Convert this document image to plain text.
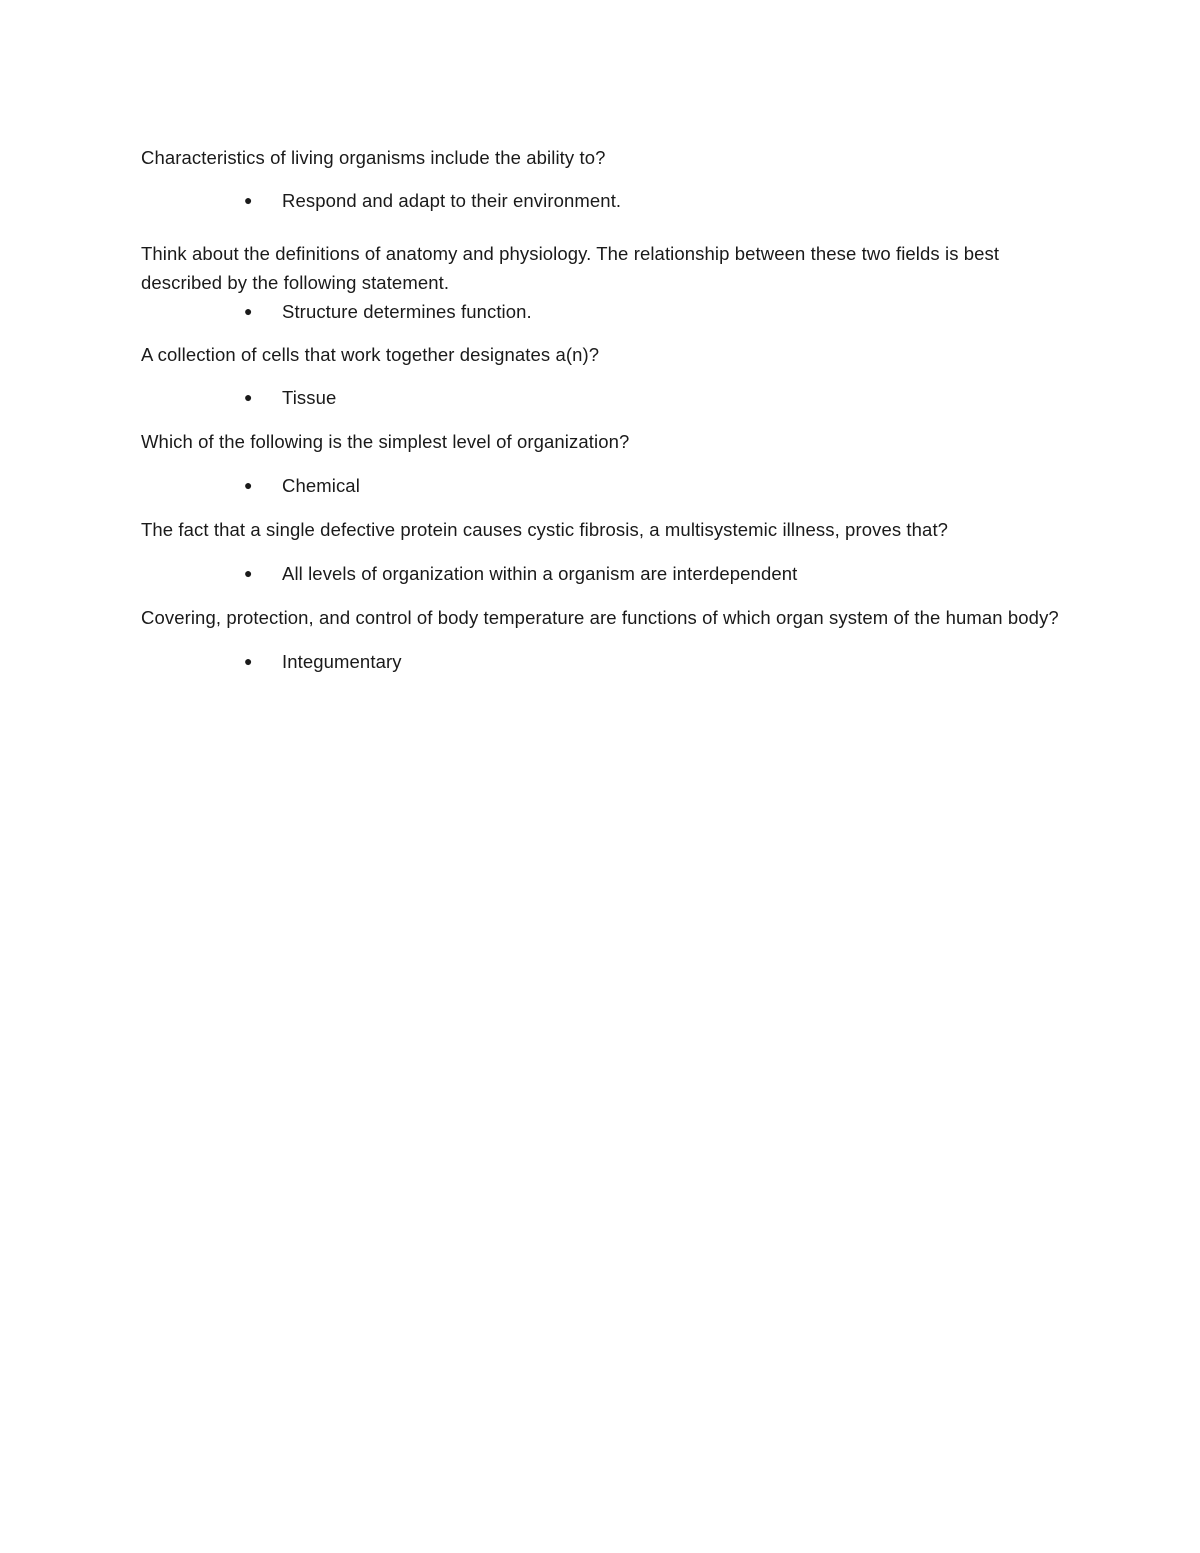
Characteristics of living organisms include the ability to?

● Respond and adapt to their environment.

Think about the definitions of anatomy and physiology. The relationship between these two fields is best described by the following statement.

● Structure determines function.

A collection of cells that work together designates a(n)?

● Tissue

Which of the following is the simplest level of organization?

● Chemical

The fact that a single defective protein causes cystic fibrosis, a multisystemic illness, proves that?

● All levels of organization within a organism are interdependent

Covering, protection, and control of body temperature are functions of which organ system of the human body?

● Integumentary
